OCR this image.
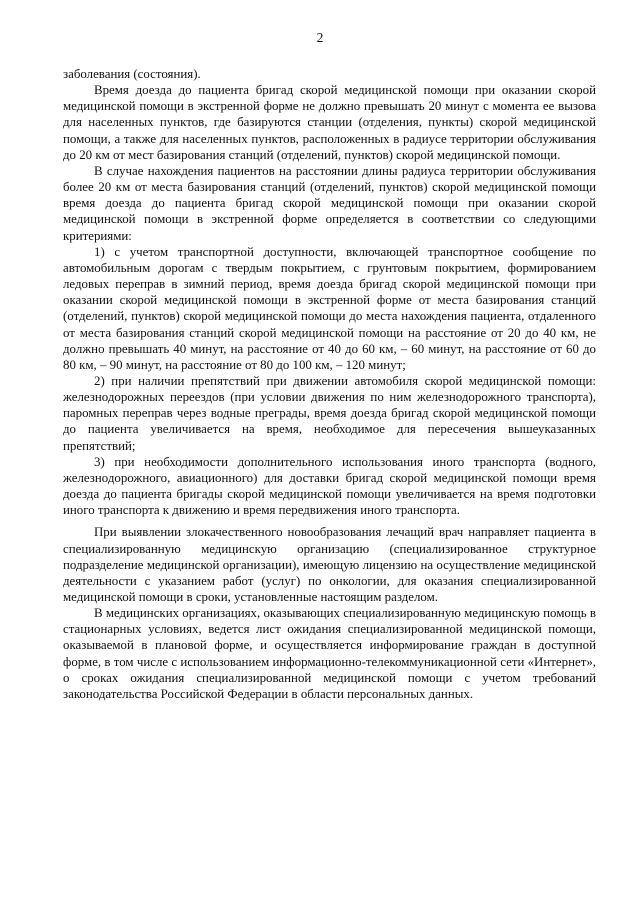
2

заболевания (состояния).

Время доезда до пациента бригад скорой медицинской помощи при оказании скорой медицинской помощи в экстренной форме не должно превышать 20 минут с момента ее вызова для населенных пунктов, где базируются станции (отделения, пункты) скорой медицинской помощи, а также для населенных пунктов, расположенных в радиусе территории обслуживания до 20 км от мест базирования станций (отделений, пунктов) скорой медицинской помощи.

В случае нахождения пациентов на расстоянии длины радиуса территории обслуживания более 20 км от места базирования станций (отделений, пунктов) скорой медицинской помощи время доезда до пациента бригад скорой медицинской помощи при оказании скорой медицинской помощи в экстренной форме определяется в соответствии со следующими критериями:

1) с учетом транспортной доступности, включающей транспортное сообщение по автомобильным дорогам с твердым покрытием, с грунтовым покрытием, формированием ледовых переправ в зимний период, время доезда бригад скорой медицинской помощи при оказании скорой медицинской помощи в экстренной форме от места базирования станций (отделений, пунктов) скорой медицинской помощи до места нахождения пациента, отдаленного от места базирования станций скорой медицинской помощи на расстояние от 20 до 40 км, не должно превышать 40 минут, на расстояние от 40 до 60 км, – 60 минут, на расстояние от 60 до 80 км, – 90 минут, на расстояние от 80 до 100 км, – 120 минут;

2) при наличии препятствий при движении автомобиля скорой медицинской помощи: железнодорожных переездов (при условии движения по ним железнодорожного транспорта), паромных переправ через водные преграды, время доезда бригад скорой медицинской помощи до пациента увеличивается на время, необходимое для пересечения вышеуказанных препятствий;

3) при необходимости дополнительного использования иного транспорта (водного, железнодорожного, авиационного) для доставки бригад скорой медицинской помощи время доезда до пациента бригады скорой медицинской помощи увеличивается на время подготовки иного транспорта к движению и время передвижения иного транспорта.

При выявлении злокачественного новообразования лечащий врач направляет пациента в специализированную медицинскую организацию (специализированное структурное подразделение медицинской организации), имеющую лицензию на осуществление медицинской деятельности с указанием работ (услуг) по онкологии, для оказания специализированной медицинской помощи в сроки, установленные настоящим разделом.

В медицинских организациях, оказывающих специализированную медицинскую помощь в стационарных условиях, ведется лист ожидания специализированной медицинской помощи, оказываемой в плановой форме, и осуществляется информирование граждан в доступной форме, в том числе с использованием информационно-телекоммуникационной сети «Интернет», о сроках ожидания специализированной медицинской помощи с учетом требований законодательства Российской Федерации в области персональных данных.
